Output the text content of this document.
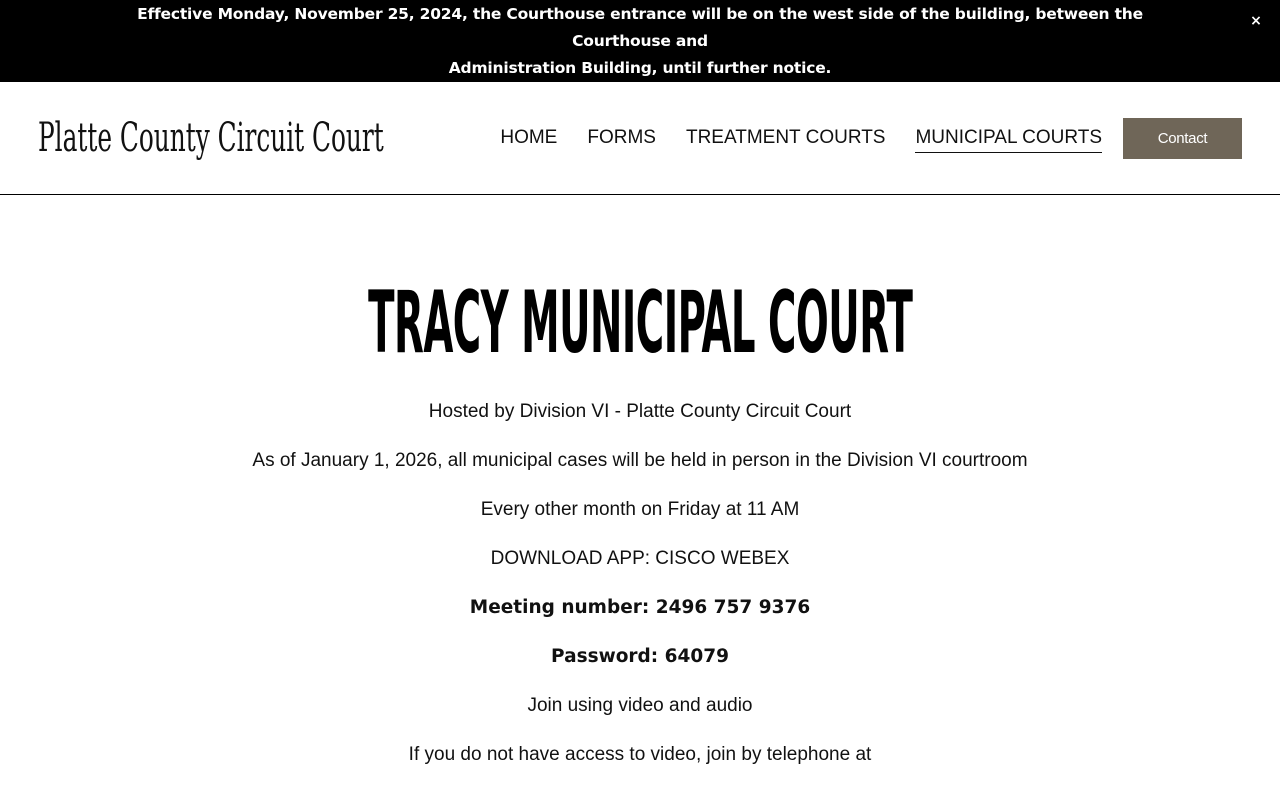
Effective Monday, November 25, 2024, the Courthouse entrance will be on the west side of the building, between the Courthouse and
Administration Building, until further notice.
×
Platte County Circuit Court	HOME FORMS TREATMENT COURTS MUNICIPAL COURTS	Contact
TRACY MUNICIPAL COURT

Hosted by Division VI - Platte County Circuit Court

As of January 1, 2026, all municipal cases will be held in person in the Division VI courtroom

Every other month on Friday at 11 AM

DOWNLOAD APP: CISCO WEBEX

Meeting number: 2496 757 9376

Password: 64079

Join using video and audio

If you do not have access to video, join by telephone at
